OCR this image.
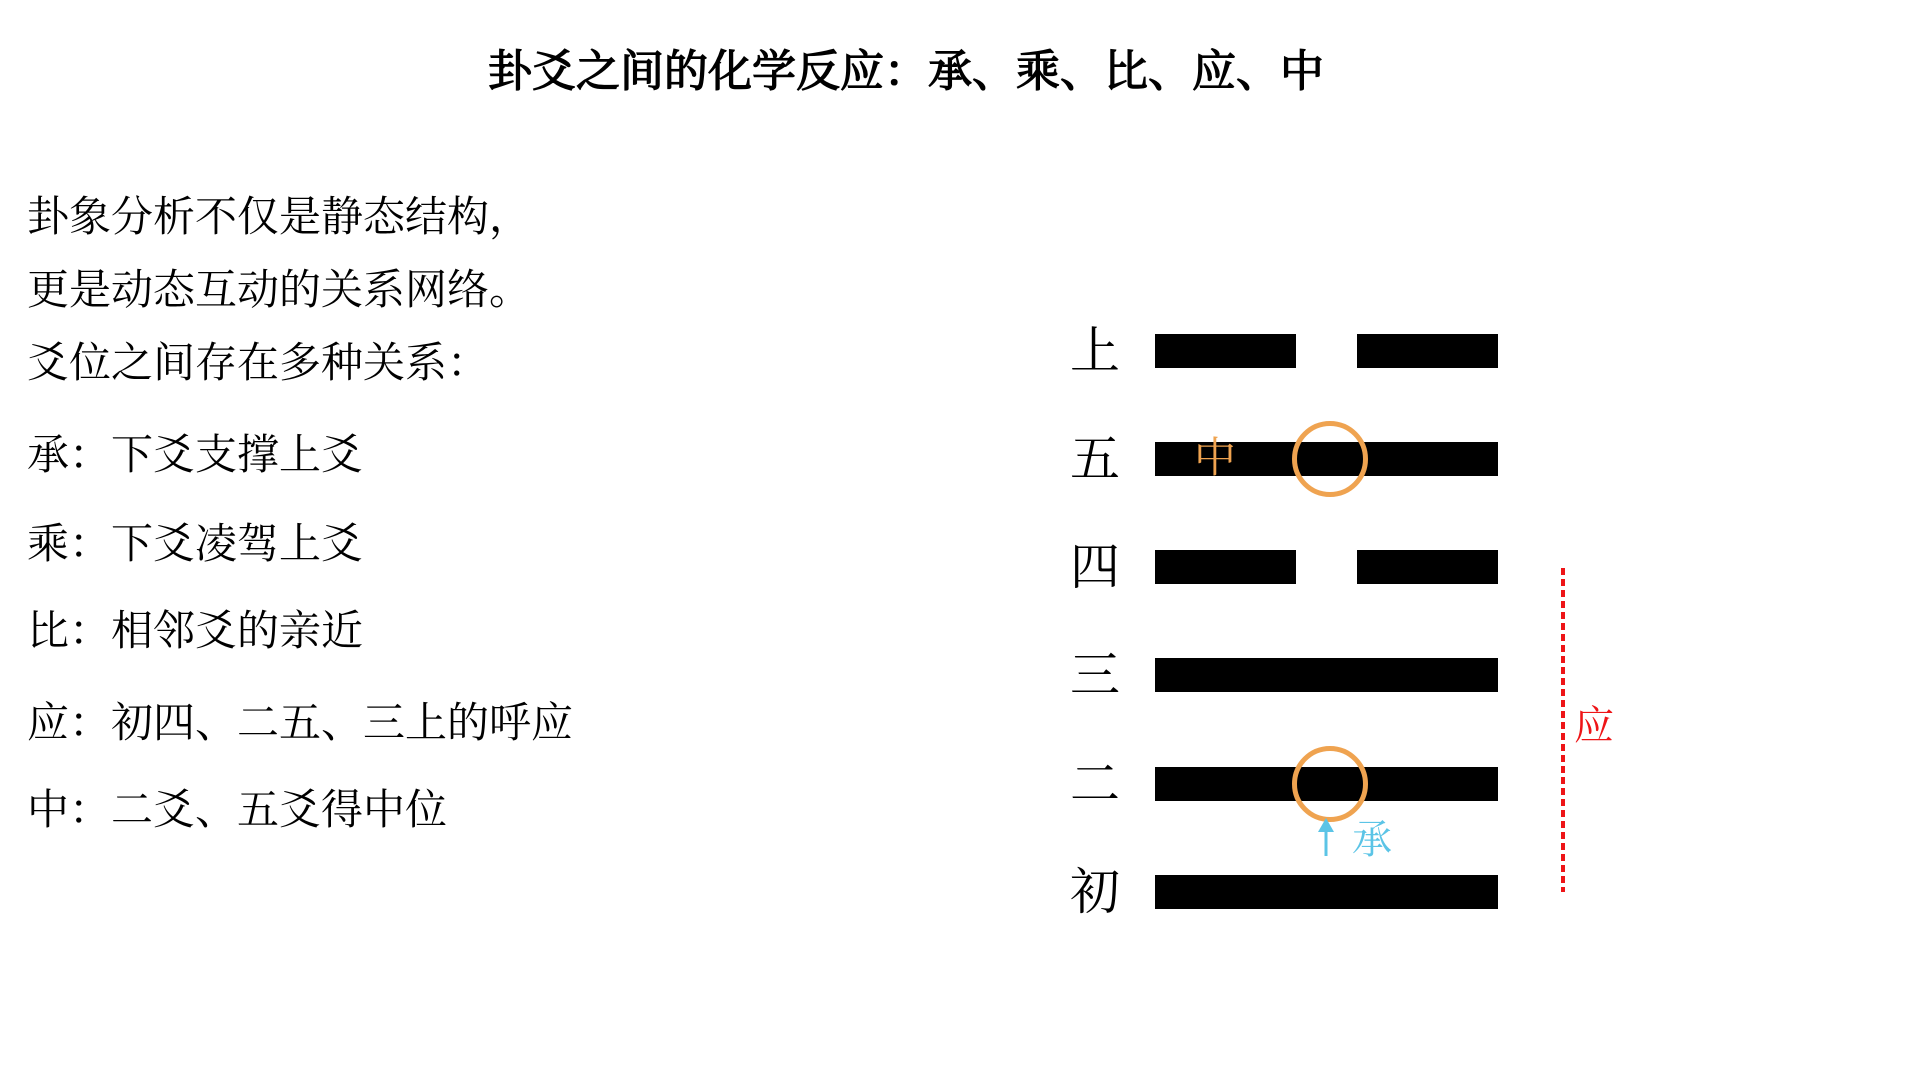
卦爻之间的化学反应：承、乘、比、应、中
卦象分析不仅是静态结构，
更是动态互动的关系网络。
爻位之间存在多种关系：
承：下爻支撑上爻
乘：下爻凌驾上爻
比：相邻爻的亲近
应：初四、二五、三上的呼应
中：二爻、五爻得中位
上
五
四
三
二
初
中
承
应
